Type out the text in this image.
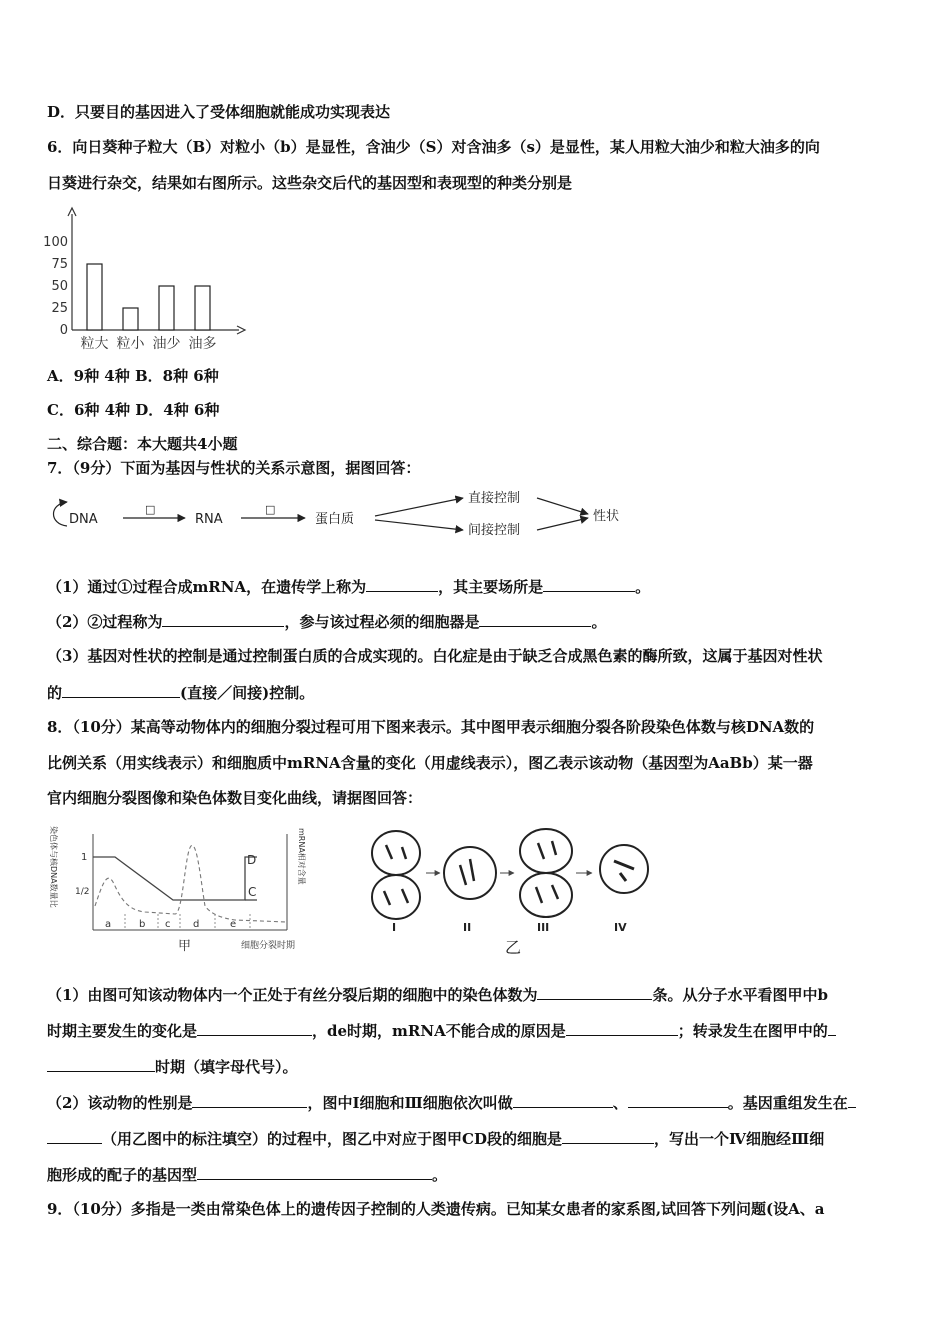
D．只要目的基因进入了受体细胞就能成功实现表达
6．向日葵种子粒大（B）对粒小（b）是显性，含油少（S）对含油多（s）是显性，某人用粒大油少和粒大油多的向
日葵进行杂交，结果如右图所示。这些杂交后代的基因型和表现型的种类分别是
100
75
50
25
0
粒大 粒小 油少 油多
A．9种 4种 B．8种 6种
C．6种 4种 D．4种 6种
二、综合题：本大题共4小题
7．（9分）下面为基因与性状的关系示意图，据图回答：
DNA
□
RNA
□
蛋白质
直接控制
间接控制
性状
（1）通过①过程合成mRNA，在遗传学上称为	，其主要场所是	。
（2）②过程称为	，参与该过程必须的细胞器是	。
（3）基因对性状的控制是通过控制蛋白质的合成实现的。白化症是由于缺乏合成黑色素的酶所致，这属于基因对性状
的	(直接／间接)控制。
8．（10分）某高等动物体内的细胞分裂过程可用下图来表示。其中图甲表示细胞分裂各阶段染色体数与核DNA数的
比例关系（用实线表示）和细胞质中mRNA含量的变化（用虚线表示），图乙表示该动物（基因型为AaBb）某一器
官内细胞分裂图像和染色体数目变化曲线，请据图回答：
染色体与核DNA数量比	mRNA相对含量
1
1/2
D
C
a	b c d	e
甲	细胞分裂时期
I	II	III	IV
乙
（1）由图可知该动物体内一个正处于有丝分裂后期的细胞中的染色体数为	条。从分子水平看图甲中b
时期主要发生的变化是	，de时期，mRNA不能合成的原因是	；转录发生在图甲中的
时期（填字母代号）。
（2）该动物的性别是	，图中Ⅰ细胞和Ⅲ细胞依次叫做	、	。基因重组发生在
（用乙图中的标注填空）的过程中，图乙中对应于图甲CD段的细胞是	，写出一个Ⅳ细胞经Ⅲ细
胞形成的配子的基因型	。
9．（10分）多指是一类由常染色体上的遗传因子控制的人类遗传病。已知某女患者的家系图,试回答下列问题(设A、a
